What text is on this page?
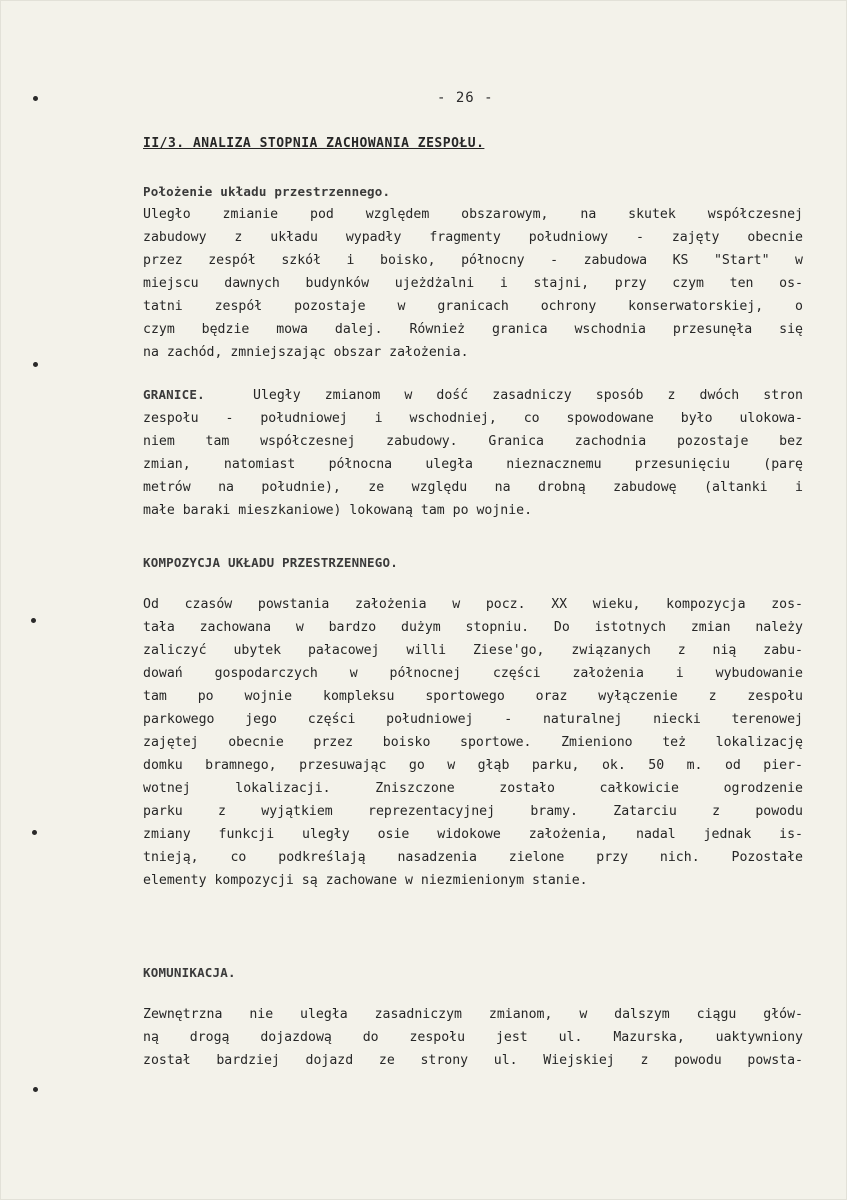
- 26 -

II/3. ANALIZA STOPNIA ZACHOWANIA ZESPOŁU.

Położenie układu przestrzennego.
Uległo zmianie pod względem obszarowym, na skutek współczesnej
zabudowy z układu wypadły fragmenty południowy - zajęty obecnie
przez zespół szkół i boisko, północny - zabudowa KS "Start" w
miejscu dawnych budynków ujeżdżalni i stajni, przy czym ten os-
tatni zespół pozostaje w granicach ochrony konserwatorskiej, o
czym będzie mowa dalej. Również granica wschodnia przesunęła się
na zachód, zmniejszając obszar założenia.
GRANICE.	Uległy zmianom w dość zasadniczy sposób z dwóch stron
zespołu - południowej i wschodniej, co spowodowane było ulokowa-
niem tam współczesnej zabudowy. Granica zachodnia pozostaje bez
zmian, natomiast północna uległa nieznacznemu przesunięciu (parę
metrów na południe), ze względu na drobną zabudowę (altanki i
małe baraki mieszkaniowe) lokowaną tam po wojnie.
KOMPOZYCJA UKŁADU PRZESTRZENNEGO.
Od czasów powstania założenia w pocz. XX wieku, kompozycja zos-
tała zachowana w bardzo dużym stopniu. Do istotnych zmian należy
zaliczyć ubytek pałacowej willi Ziese'go, związanych z nią zabu-
dowań gospodarczych w północnej części założenia i wybudowanie
tam po wojnie kompleksu sportowego oraz wyłączenie z zespołu
parkowego jego części południowej - naturalnej niecki terenowej
zajętej obecnie przez boisko sportowe. Zmieniono też lokalizację
domku bramnego, przesuwając go w głąb parku, ok. 50 m. od pier-
wotnej lokalizacji. Zniszczone zostało całkowicie ogrodzenie
parku z wyjątkiem reprezentacyjnej bramy. Zatarciu z powodu
zmiany funkcji uległy osie widokowe założenia, nadal jednak is-
tnieją, co podkreślają nasadzenia zielone przy nich. Pozostałe
elementy kompozycji są zachowane w niezmienionym stanie.
KOMUNIKACJA.
Zewnętrzna nie uległa zasadniczym zmianom, w dalszym ciągu głów-
ną drogą dojazdową do zespołu jest ul. Mazurska, uaktywniony
został bardziej dojazd ze strony ul. Wiejskiej z powodu powsta-
